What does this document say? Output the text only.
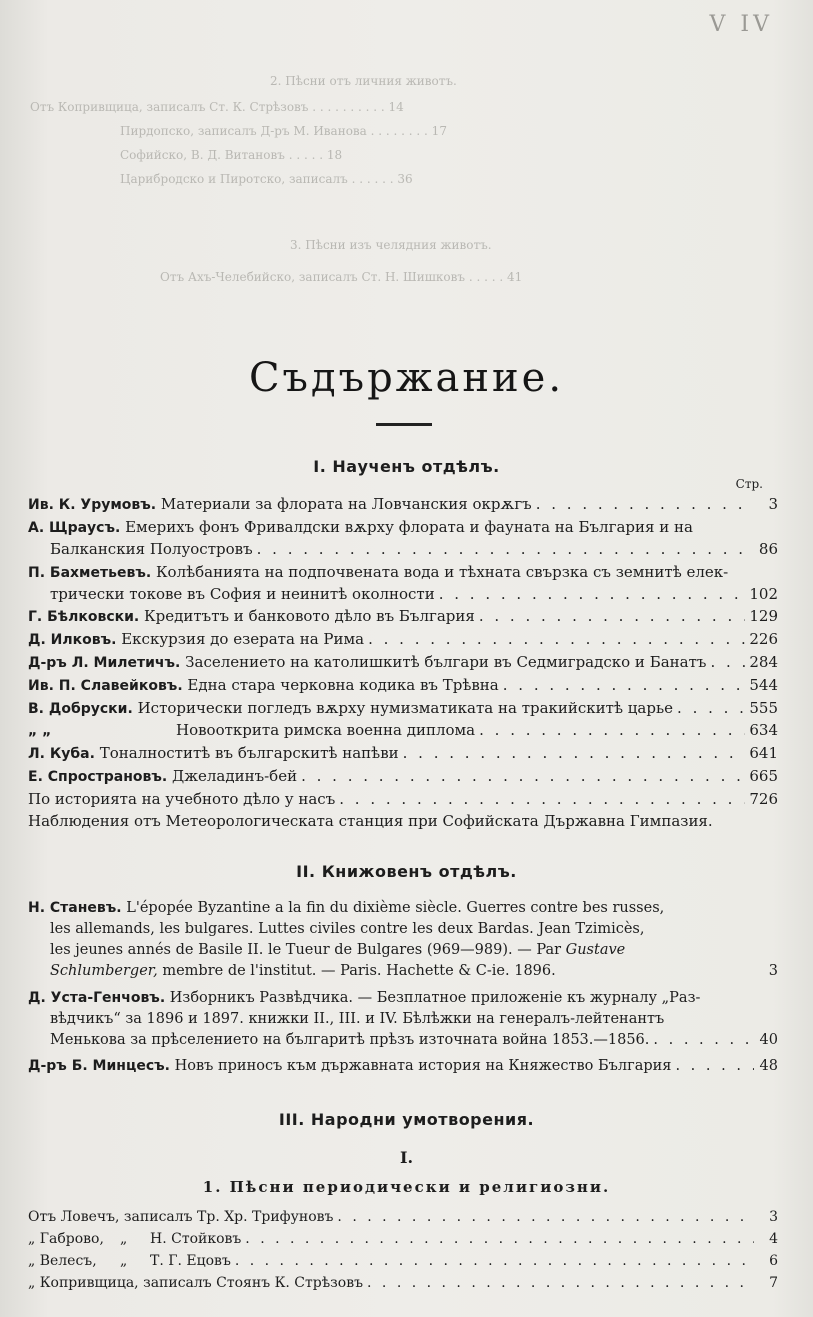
V IV
2. Пѣсни отъ личния животъ.
Отъ Копривщица, записалъ Ст. К. Стрѣзовъ . . . . . . . . . . 14
Пирдопско, записалъ Д-ръ М. Иванова . . . . . . . . 17
Софийско, В. Д. Витановъ . . . . . 18
Царибродско и Пиротско, записалъ . . . . . . 36
3. Пѣсни изъ челядния животъ.
Отъ Ахъ-Челебийско, записалъ Ст. Н. Шишковъ . . . . . 41
Съдържание.
I. Наученъ отдѣлъ.
Стр.
Ив. К. Урумовъ. Материали за флората на Ловчанския окрѫгъ . . .	3
А. Щраусъ. Емерихъ фонъ Фривалдски вѫрху флората и фауната на България и на
Балканския Полуостровъ . . .	86
П. Бахметьевъ. Колѣбанията на подпочвената вода и тѣхната свързка съ земнитѣ елек-
трически токове въ София и неинитѣ околности . . .	102
Г. Бѣлковски. Кредитътъ и банковото дѣло въ България . . .	129
Д. Илковъ. Екскурзия до езерата на Рима . . .	226
Д-ръ Л. Милетичъ. Заселението на католишкитѣ българи въ Седмиградско и Банатъ . . .	284
Ив. П. Славейковъ. Една стара черковна кодика въ Трѣвна . . .	544
В. Добруски. Исторически погледъ вѫрху нумизматиката на тракийскитѣ царье . . .	555
„ „	Новооткрита римска военна диплома . . .	634
Л. Куба. Тоналноститѣ въ българскитѣ напѣви . . .	641
Е. Спространовъ. Джеладинъ-бей . . .	665
По историята на учебното дѣло у насъ . . .	726
Наблюдения отъ Метеорологическата станция при Софийската Държавна Гимпазия.
II. Книжовенъ отдѣлъ.
Н. Станевъ. L'épopée Byzantine a la fin du dixième siècle. Guerres contre bes russes,
les allemands, les bulgares. Luttes civiles contre les deux Bardas. Jean Tzimicès,
les jeunes annés de Basile II. le Tueur de Bulgares (969—989). — Par Gustave
Schlumberger, membre de l'institut. — Paris. Hachette & C-ie. 1896.	3
Д. Уста-Генчовъ. Изборникъ Развѣдчика. — Безплатное приложеніе къ журналу „Раз-
вѣдчикъ“ за 1896 и 1897. книжки II., III. и IV. Бѣлѣжки на генералъ-лейтенантъ
Менькова за прѣселението на българитѣ прѣзъ изтoчната война 1853.—1856. . . .	40
Д-ръ Б. Минцесъ. Новъ приносъ към държавната история на Княжество България . . .	48
III. Народни умотворения.
I.
1. Пѣсни периодически и религиозни.
Отъ Ловечъ, записалъ Тр. Хр. Трифуновъ . . .	3
„ Габрово, „ Н. Стойковъ . . .	4
„ Велесъ, „ Т. Г. Ецовъ . . .	6
„ Копривщица, записалъ Стоянъ К. Стрѣзовъ . . .	7
